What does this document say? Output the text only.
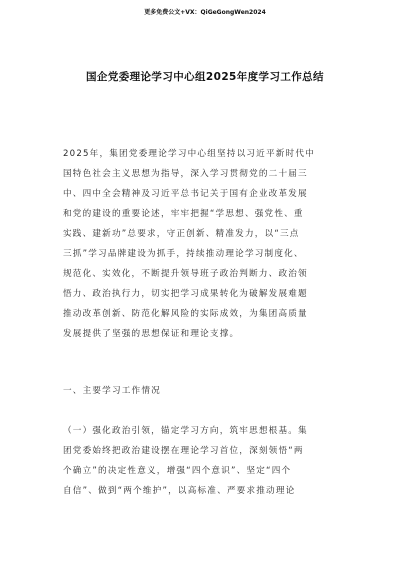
更多免费公文+VX：QiGeGongWen2024
国企党委理论学习中心组2025年度学习工作总结
2025年，集团党委理论学习中心组坚持以习近平新时代中
国特色社会主义思想为指导，深入学习贯彻党的二十届三
中、四中全会精神及习近平总书记关于国有企业改革发展
和党的建设的重要论述，牢牢把握“学思想、强党性、重
实践、建新功”总要求，守正创新、精准发力，以“三点
三抓”学习品牌建设为抓手，持续推动理论学习制度化、
规范化、实效化，不断提升领导班子政治判断力、政治领
悟力、政治执行力，切实把学习成果转化为破解发展难题
推动改革创新、防范化解风险的实际成效，为集团高质量
发展提供了坚强的思想保证和理论支撑。
一、主要学习工作情况
（一）强化政治引领，锚定学习方向，筑牢思想根基。集
团党委始终把政治建设摆在理论学习首位，深刻领悟“两
个确立”的决定性意义，增强“四个意识”、坚定“四个
自信”、做到“两个维护”，以高标准、严要求推动理论
